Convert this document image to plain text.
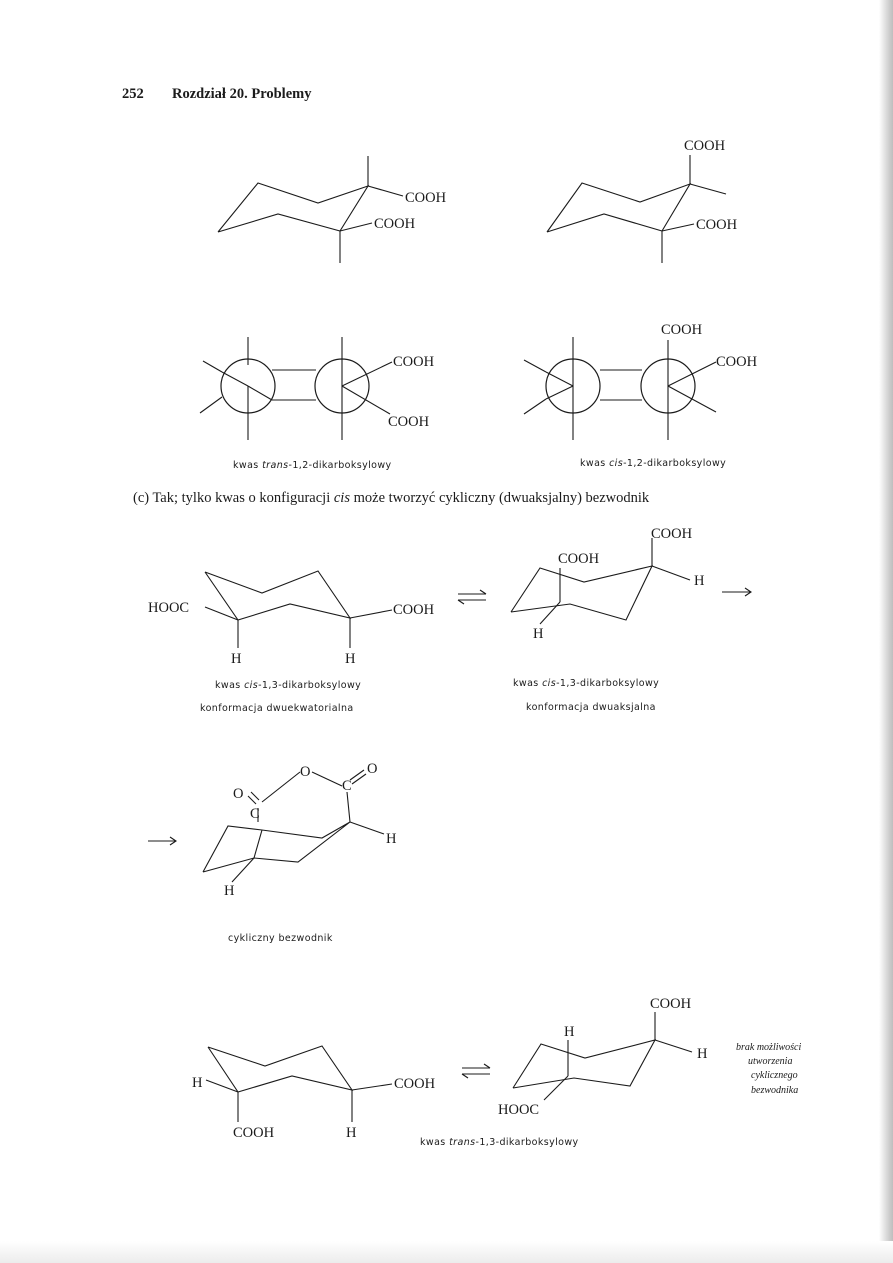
252 Rozdział 20. Problemy
COOH
COOH
COOH
COOH
COOH
COOH
COOH
COOH
kwas trans-1,2-dikarboksylowy	kwas cis-1,2-dikarboksylowy
(c) Tak; tylko kwas o konfiguracji cis może tworzyć cykliczny (dwuaksjalny) bezwodnik
HOOC	COOH
H	H
COOH
COOH
H
H
kwas cis-1,3-dikarboksylowy
konformacja dwuekwatorialna
kwas cis-1,3-dikarboksylowy
konformacja dwuaksjalna
O
C
O
C
O
H
H
cykliczny bezwodnik
H	COOH
COOH	H
COOH
H
H
HOOC
kwas trans-1,3-dikarboksylowy
brak możliwości
utworzenia
cyklicznego
bezwodnika
